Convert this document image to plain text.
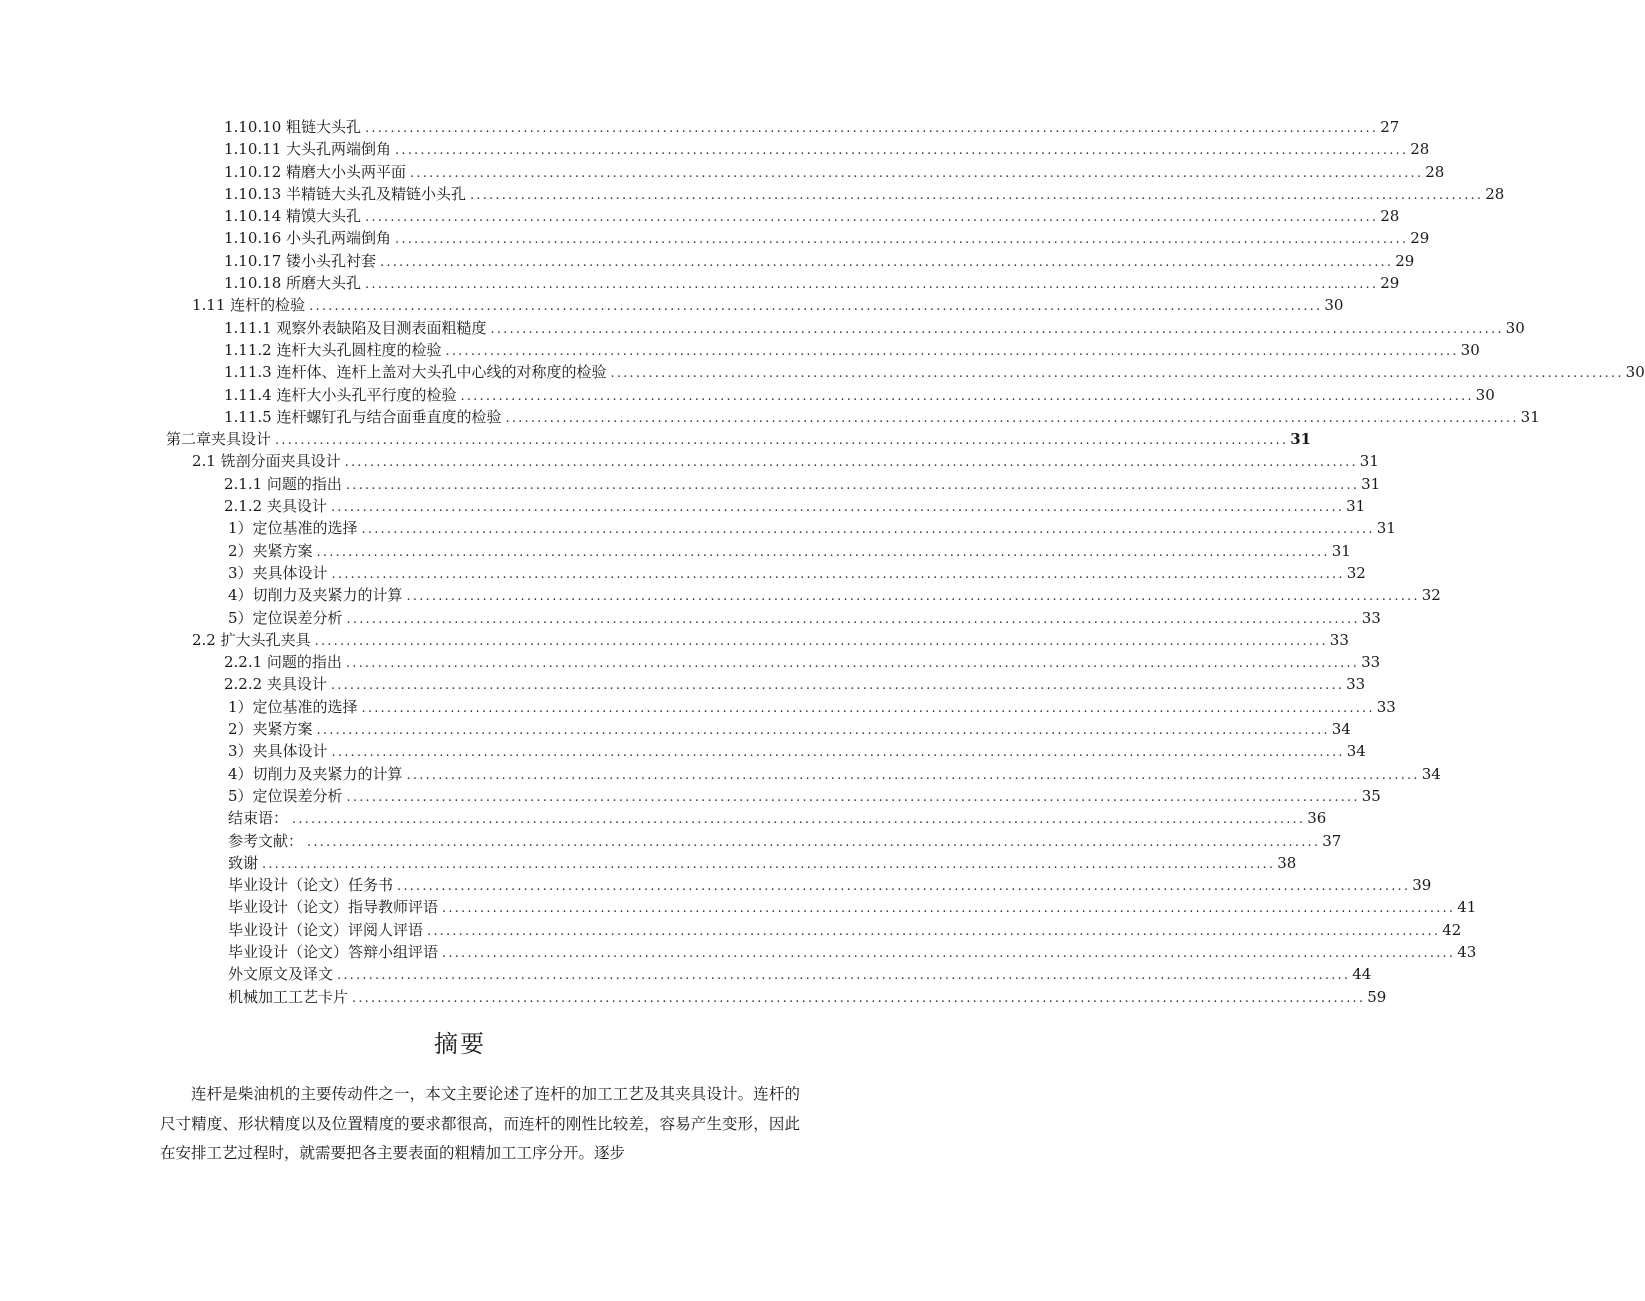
1.10.10 粗链大头孔 ................................................................................................................................................................ 27
1.10.11 大头孔两端倒角 ................................................................................................................................................................ 28
1.10.12 精磨大小头两平面 ................................................................................................................................................................ 28
1.10.13 半精链大头孔及精链小头孔 ................................................................................................................................................................ 28
1.10.14 精馍大头孔 ................................................................................................................................................................ 28
1.10.16 小头孔两端倒角 ................................................................................................................................................................ 29
1.10.17 镂小头孔衬套 ................................................................................................................................................................ 29
1.10.18 所磨大头孔 ................................................................................................................................................................ 29
1.11 连杆的检验 ................................................................................................................................................................ 30
1.11.1 观察外表缺陷及目测表面粗糙度 ................................................................................................................................................................ 30
1.11.2 连杆大头孔圆柱度的检验 ................................................................................................................................................................ 30
1.11.3 连杆体、连杆上盖对大头孔中心线的对称度的检验 ................................................................................................................................................................ 30
1.11.4 连杆大小头孔平行度的检验 ................................................................................................................................................................ 30
1.11.5 连杆螺钉孔与结合面垂直度的检验 ................................................................................................................................................................ 31
第二章夹具设计 ................................................................................................................................................................ 31
2.1 铣剖分面夹具设计 ................................................................................................................................................................ 31
2.1.1 问题的指出 ................................................................................................................................................................ 31
2.1.2 夹具设计 ................................................................................................................................................................ 31
1）定位基准的选择 ................................................................................................................................................................ 31
2）夹紧方案 ................................................................................................................................................................ 31
3）夹具体设计 ................................................................................................................................................................ 32
4）切削力及夹紧力的计算 ................................................................................................................................................................ 32
5）定位误差分析 ................................................................................................................................................................ 33
2.2 扩大头孔夹具 ................................................................................................................................................................ 33
2.2.1 问题的指出 ................................................................................................................................................................ 33
2.2.2 夹具设计 ................................................................................................................................................................ 33
1）定位基准的选择 ................................................................................................................................................................ 33
2）夹紧方案 ................................................................................................................................................................ 34
3）夹具体设计 ................................................................................................................................................................ 34
4）切削力及夹紧力的计算 ................................................................................................................................................................ 34
5）定位误差分析 ................................................................................................................................................................ 35
结束语： ................................................................................................................................................................ 36
参考文献： ................................................................................................................................................................ 37
致谢 ................................................................................................................................................................ 38
毕业设计（论文）任务书 ................................................................................................................................................................ 39
毕业设计（论文）指导教师评语 ................................................................................................................................................................ 41
毕业设计（论文）评阅人评语 ................................................................................................................................................................ 42
毕业设计（论文）答辩小组评语 ................................................................................................................................................................ 43
外文原文及译文 ................................................................................................................................................................ 44
机械加工工艺卡片 ................................................................................................................................................................ 59
摘要
连杆是柴油机的主要传动件之一，本文主要论述了连杆的加工工艺及其夹具设计。连杆的尺寸精度、形状精度以及位置精度的要求都很高，而连杆的刚性比较差，容易产生变形，因此在安排工艺过程时，就需要把各主要表面的粗精加工工序分开。逐步
